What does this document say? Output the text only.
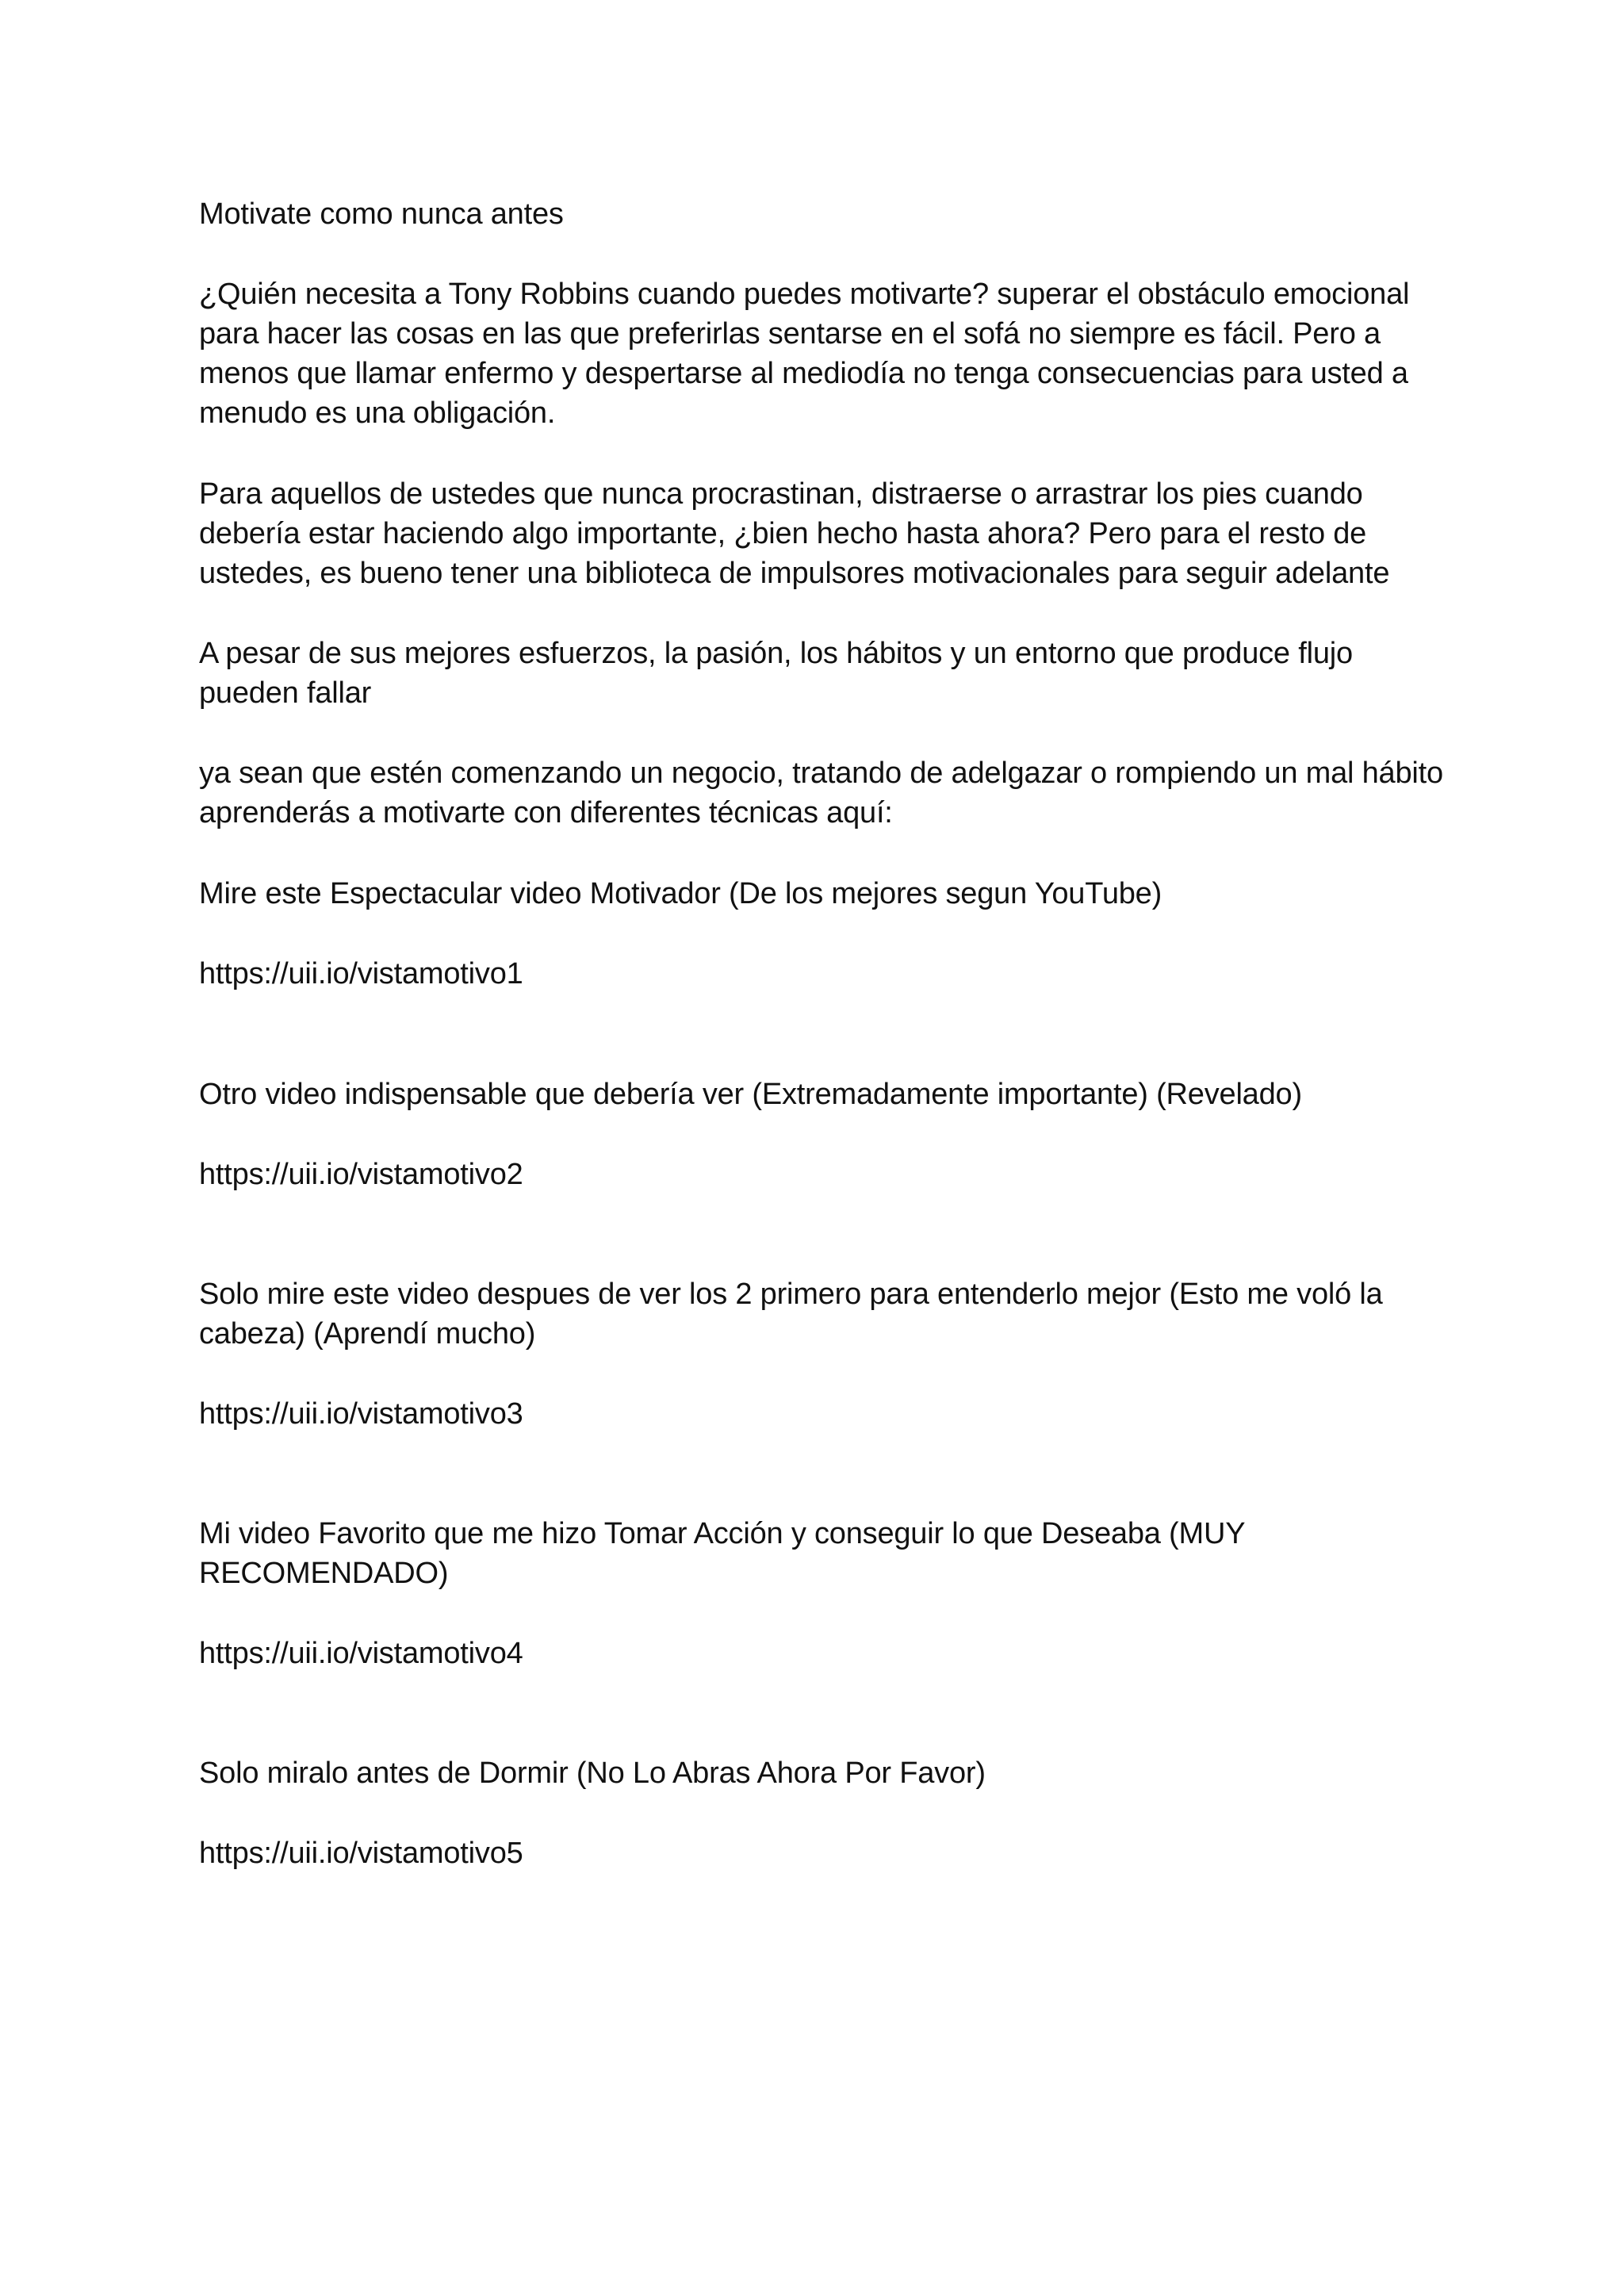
Motivate como nunca antes

¿Quién necesita a Tony Robbins cuando puedes motivarte? superar el obstáculo emocional para hacer las cosas en las que preferirlas sentarse en el sofá no siempre es fácil. Pero a menos que llamar enfermo y despertarse al mediodía no tenga consecuencias para usted a menudo es una obligación.

Para aquellos de ustedes que nunca procrastinan, distraerse o arrastrar los pies cuando debería estar haciendo algo importante, ¿bien hecho hasta ahora? Pero para el resto de ustedes, es bueno tener una biblioteca de impulsores motivacionales para seguir adelante

A pesar de sus mejores esfuerzos, la pasión, los hábitos y un entorno que produce flujo pueden fallar

ya sean que estén comenzando un negocio, tratando de adelgazar o rompiendo un mal hábito aprenderás a motivarte con diferentes técnicas aquí:

Mire este Espectacular video Motivador (De los mejores segun YouTube)

https://uii.io/vistamotivo1

Otro video indispensable que debería ver (Extremadamente importante) (Revelado)

https://uii.io/vistamotivo2

Solo mire este video despues de ver los 2 primero para entenderlo mejor (Esto me voló la cabeza) (Aprendí mucho)

https://uii.io/vistamotivo3

Mi video Favorito que me hizo Tomar Acción y conseguir lo que Deseaba (MUY RECOMENDADO)

https://uii.io/vistamotivo4

Solo miralo antes de Dormir (No Lo Abras Ahora Por Favor)

https://uii.io/vistamotivo5
